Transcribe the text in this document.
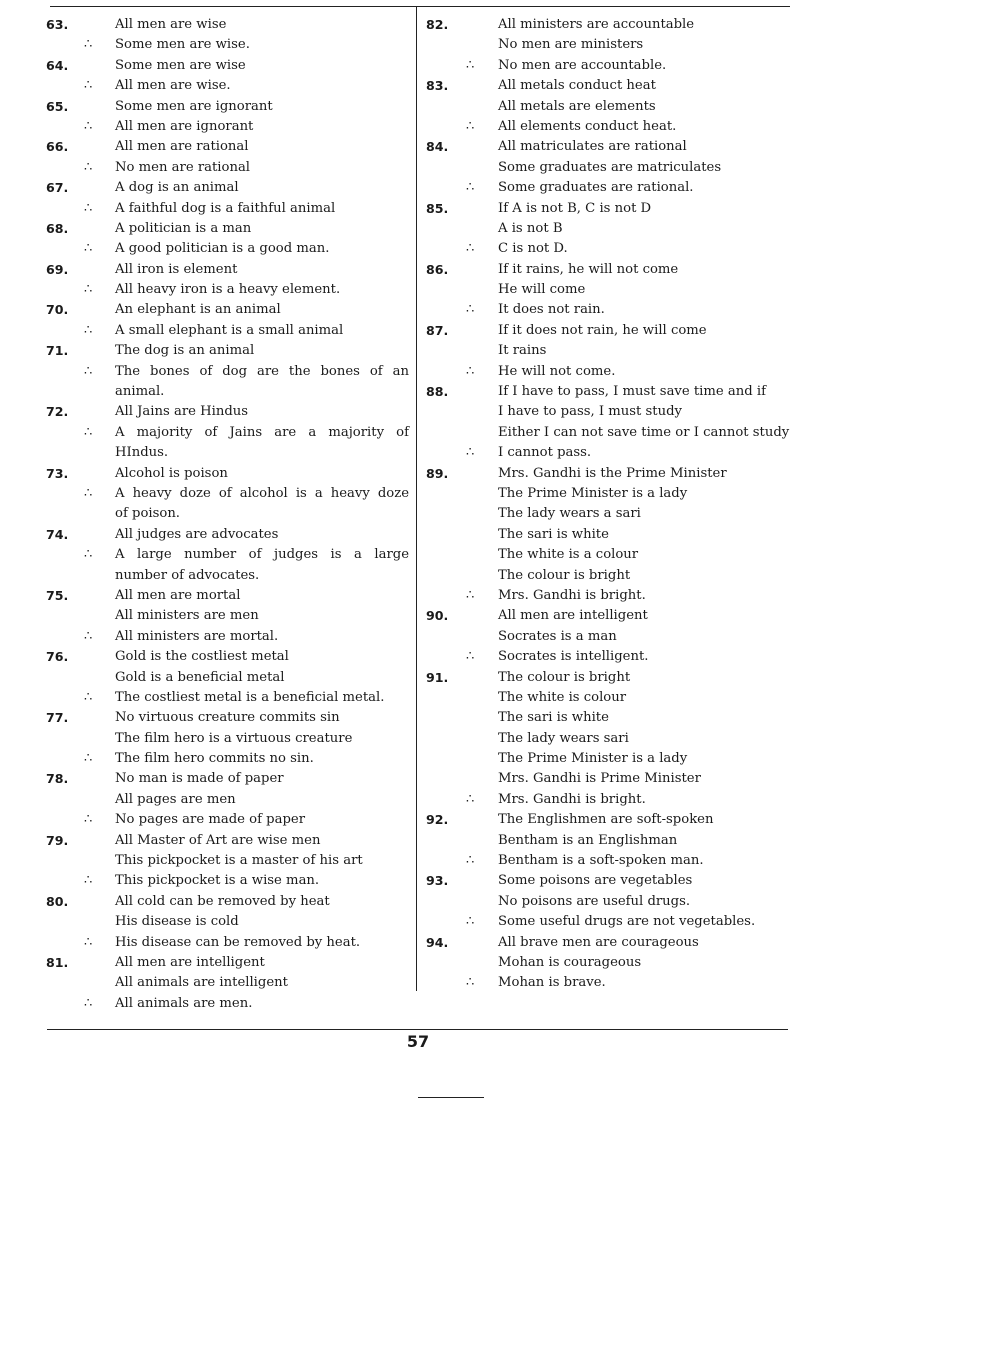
63.	All men are wise
∴ Some men are wise.
64.	Some men are wise
∴ All men are wise.
65.	Some men are ignorant
∴ All men are ignorant
66.	All men are rational
∴ No men are rational
67.	A dog is an animal
∴ A faithful dog is a faithful animal
68.	A politician is a man
∴ A good politician is a good man.
69.	All iron is element
∴ All heavy iron is a heavy element.
70.	An elephant is an animal
∴ A small elephant is a small animal
71.	The dog is an animal
∴ The bones of dog are the bones of an
animal.
72.	All Jains are Hindus
∴ A majority of Jains are a majority of
HIndus.
73.	Alcohol is poison
∴ A heavy doze of alcohol is a heavy doze
of poison.
74.	All judges are advocates
∴ A large number of judges is a large
number of advocates.
75.	All men are mortal
All ministers are men
∴ All ministers are mortal.
76.	Gold is the costliest metal
Gold is a beneficial metal
∴ The costliest metal is a beneficial metal.
77.	No virtuous creature commits sin
The film hero is a virtuous creature
∴ The film hero commits no sin.
78.	No man is made of paper
All pages are men
∴ No pages are made of paper
79.	All Master of Art are wise men
This pickpocket is a master of his art
∴ This pickpocket is a wise man.
80.	All cold can be removed by heat
His disease is cold
∴ His disease can be removed by heat.
81.	All men are intelligent
All animals are intelligent
∴ All animals are men.
82.	All ministers are accountable
No men are ministers
∴ No men are accountable.
83.	All metals conduct heat
All metals are elements
∴ All elements conduct heat.
84.	All matriculates are rational
Some graduates are matriculates
∴ Some graduates are rational.
85.	If A is not B, C is not D
A is not B
∴ C is not D.
86.	If it rains, he will not come
He will come
∴ It does not rain.
87.	If it does not rain, he will come
It rains
∴ He will not come.
88.	If I have to pass, I must save time and if
I have to pass, I must study
Either I can not save time or I cannot study
∴ I cannot pass.
89.	Mrs. Gandhi is the Prime Minister
The Prime Minister is a lady
The lady wears a sari
The sari is white
The white is a colour
The colour is bright
∴ Mrs. Gandhi is bright.
90.	All men are intelligent
Socrates is a man
∴ Socrates is intelligent.
91.	The colour is bright
The white is colour
The sari is white
The lady wears sari
The Prime Minister is a lady
Mrs. Gandhi is Prime Minister
∴ Mrs. Gandhi is bright.
92.	The Englishmen are soft-spoken
Bentham is an Englishman
∴ Bentham is a soft-spoken man.
93.	Some poisons are vegetables
No poisons are useful drugs.
∴ Some useful drugs are not vegetables.
94.	All brave men are courageous
Mohan is courageous
∴ Mohan is brave.
57
